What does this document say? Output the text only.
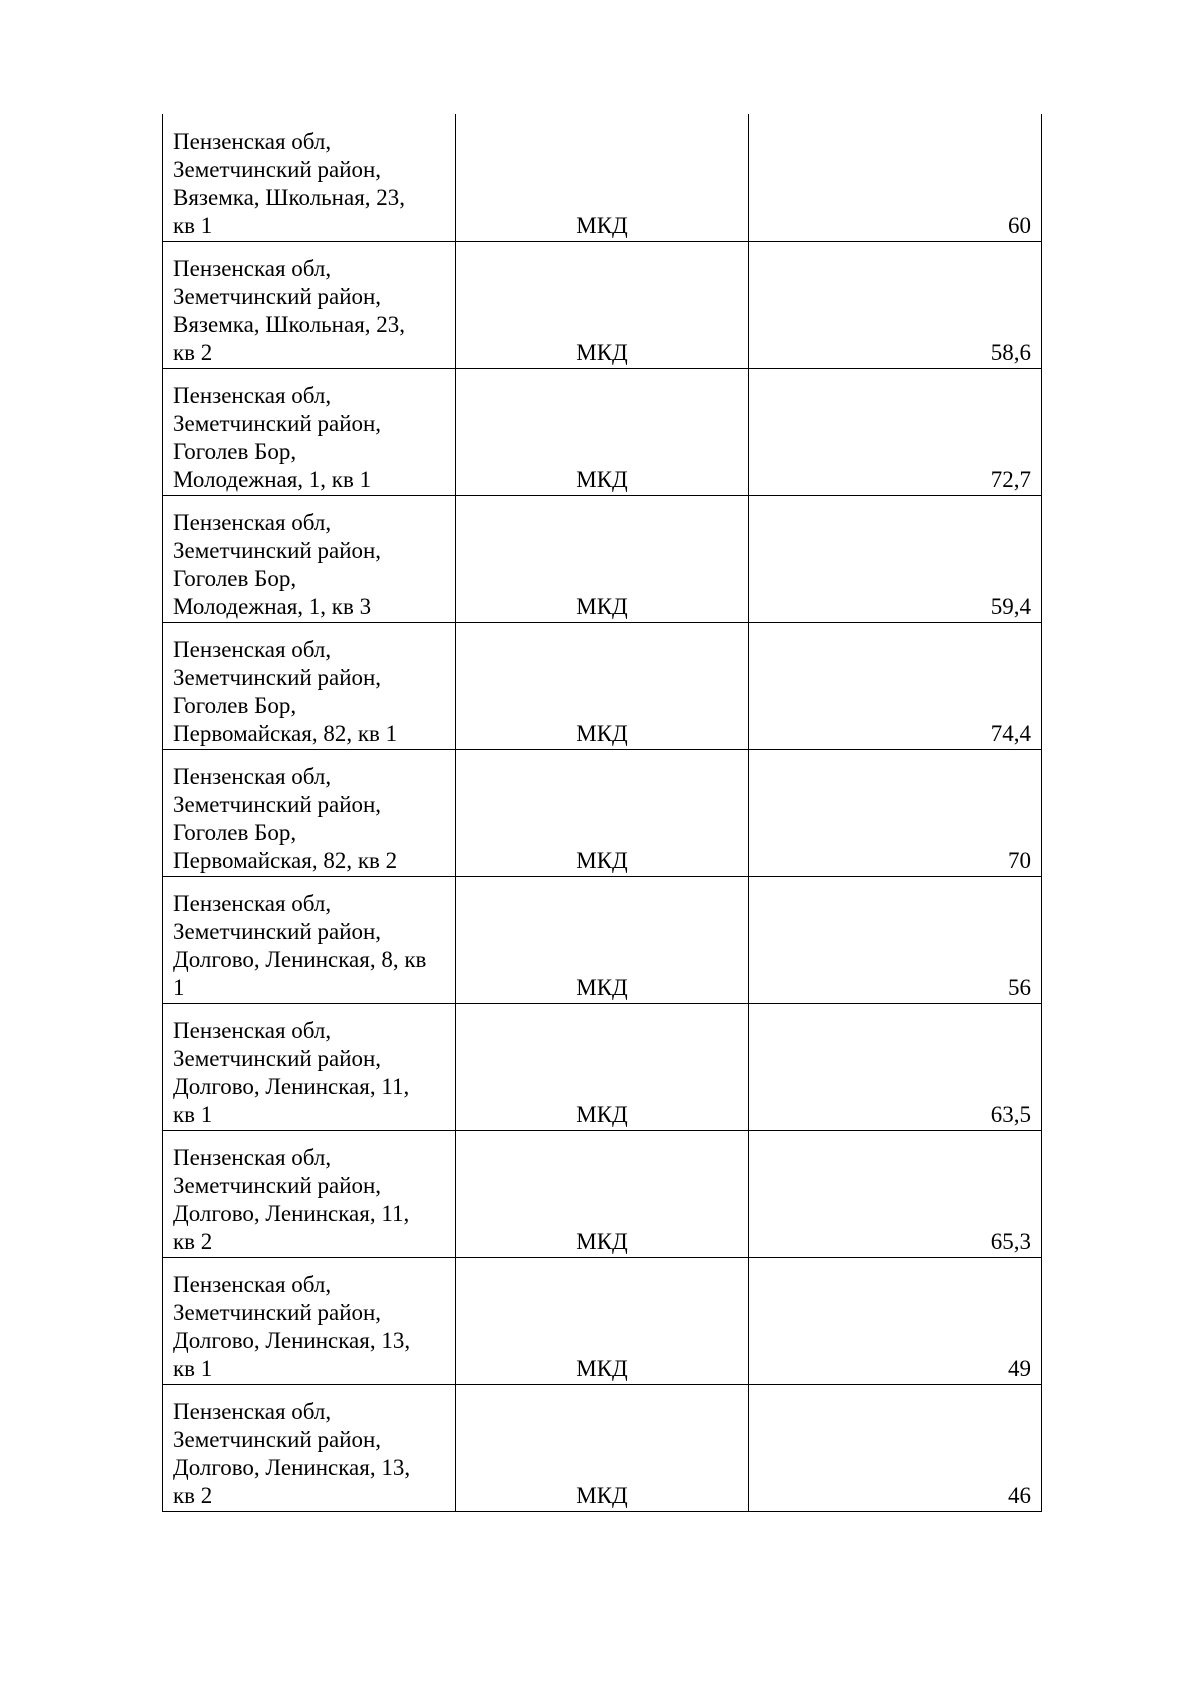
Пензенская обл,
Земетчинский район,
Вяземка, Школьная, 23,
кв 1	МКД	60

Пензенская обл,
Земетчинский район,
Вяземка, Школьная, 23,
кв 2	МКД	58,6

Пензенская обл,
Земетчинский район,
Гоголев Бор,
Молодежная, 1, кв 1	МКД	72,7

Пензенская обл,
Земетчинский район,
Гоголев Бор,
Молодежная, 1, кв 3	МКД	59,4

Пензенская обл,
Земетчинский район,
Гоголев Бор,
Первомайская, 82, кв 1	МКД	74,4

Пензенская обл,
Земетчинский район,
Гоголев Бор,
Первомайская, 82, кв 2	МКД	70

Пензенская обл,
Земетчинский район,
Долгово, Ленинская, 8, кв
1	МКД	56

Пензенская обл,
Земетчинский район,
Долгово, Ленинская, 11,
кв 1	МКД	63,5

Пензенская обл,
Земетчинский район,
Долгово, Ленинская, 11,
кв 2	МКД	65,3

Пензенская обл,
Земетчинский район,
Долгово, Ленинская, 13,
кв 1	МКД	49

Пензенская обл,
Земетчинский район,
Долгово, Ленинская, 13,
кв 2	МКД	46
